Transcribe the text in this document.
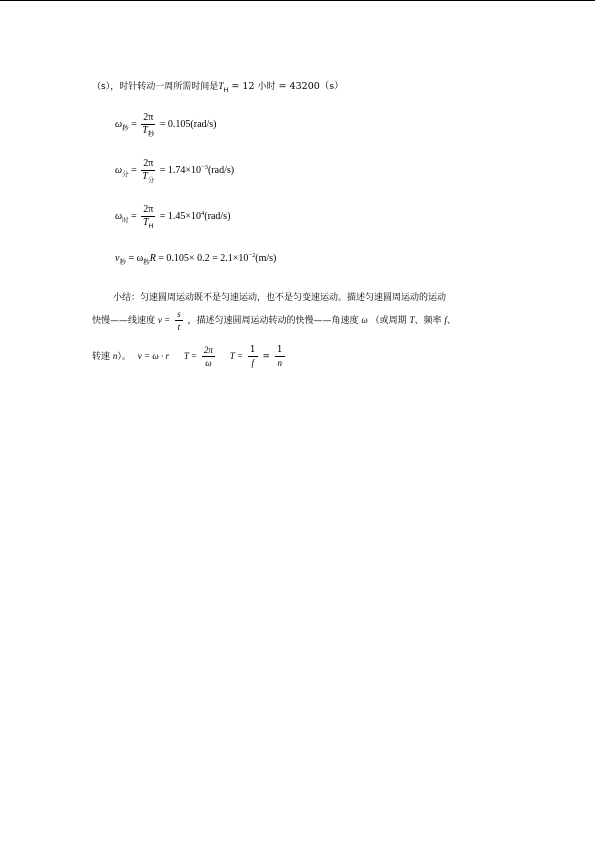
（s），时针转动一周所需时间是$T_H = 12$ 小时 = 43200（s）
$\omega_秒 = \frac{2\pi}{T_秒} = 0.105(rad/s)$
$\omega_分 = \frac{2\pi}{T_分} = 1.74\times 10^{-3}(rad/s)$
$\omega_时 = \frac{2\pi}{T_H} = 1.45\times 10^4(rad/s)$
$v_秒 = \omega_秒R = 0.105\times 0.2 = 2.1\times 10^{-2}(m/s)$
小结：匀速圆周运动既不是匀速运动，也不是匀变速运动。描述匀速圆周运动的运动
快慢——线速度 $v = \frac{s}{t}$ ，描述匀速圆周运动转动的快慢——角速度 ω （或周期 T、频率 f、
转速 n）。 v = ω · r $T = \frac{2\pi}{\omega}$ $T = \frac{1}{f} = \frac{1}{n}$
